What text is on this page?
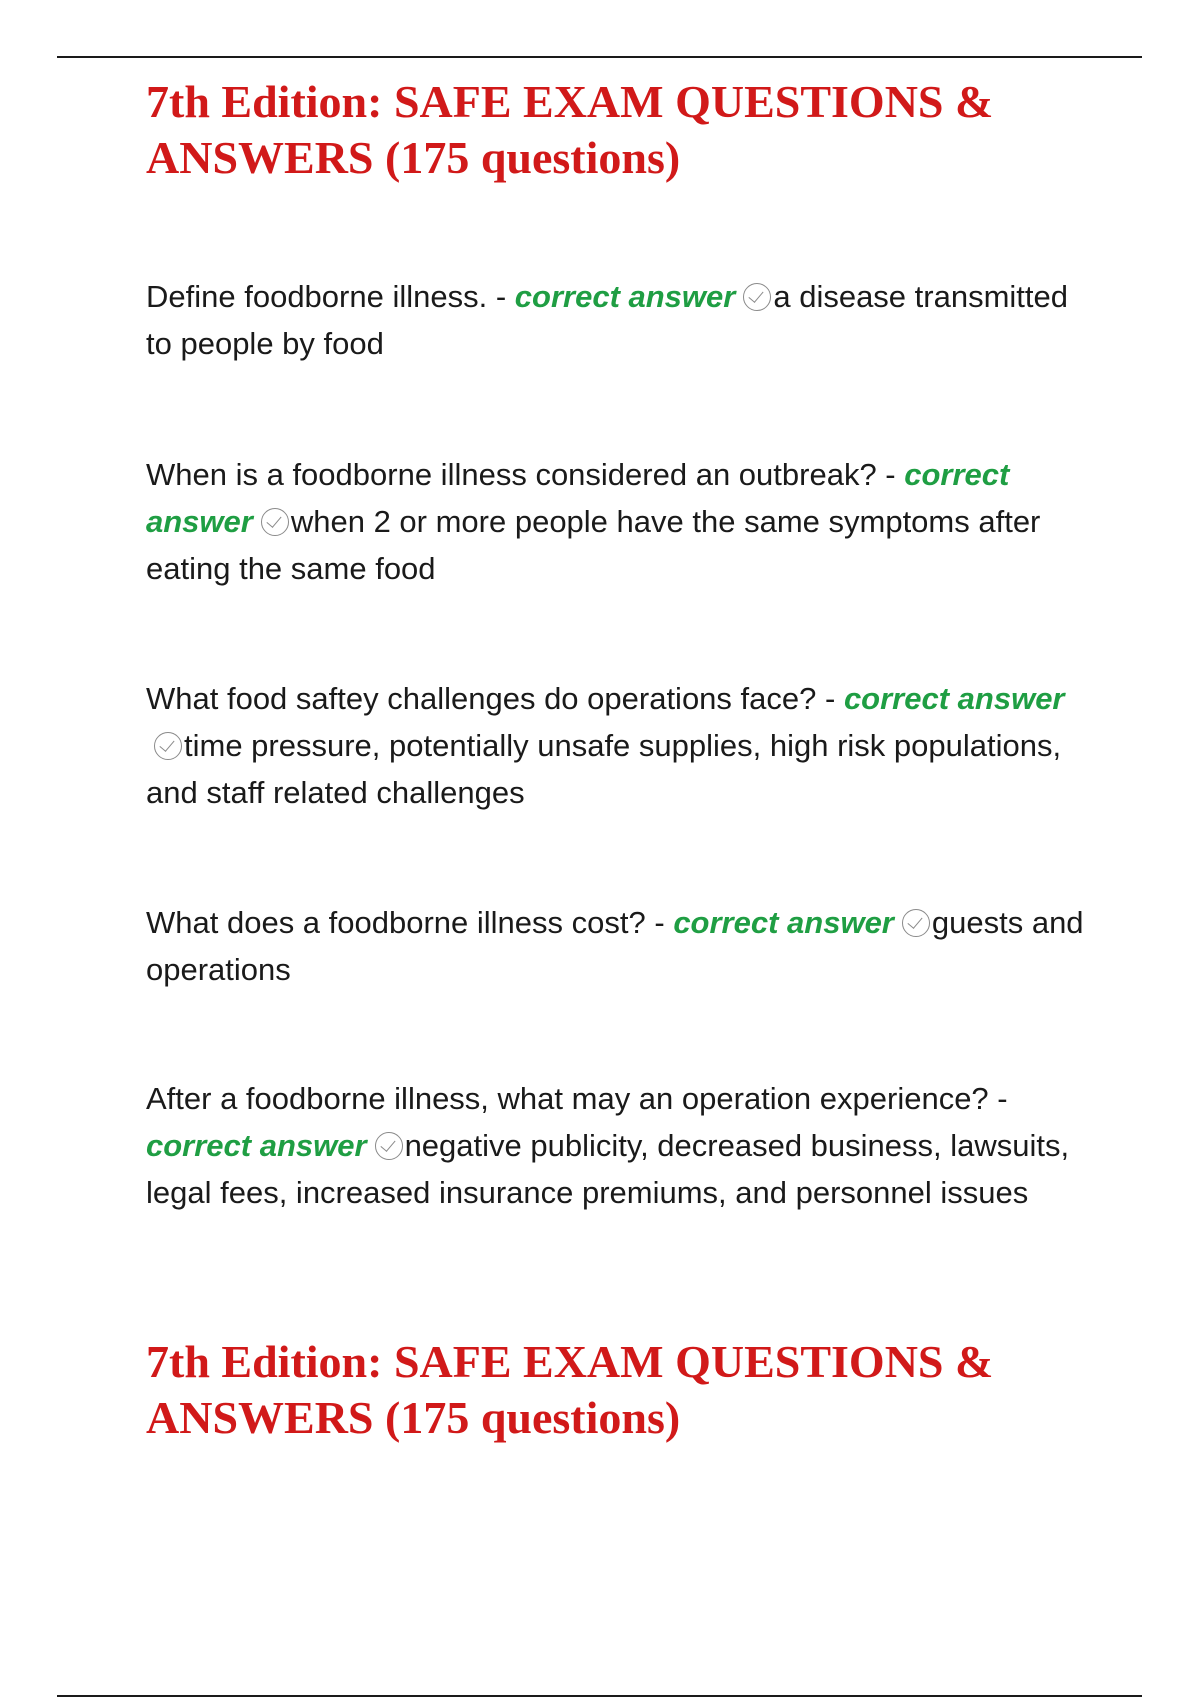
7th Edition: SAFE EXAM QUESTIONS & ANSWERS (175 questions)

Define foodborne illness. - correct answer a disease transmitted to people by food

When is a foodborne illness considered an outbreak? - correct answer when 2 or more people have the same symptoms after eating the same food

What food saftey challenges do operations face? - correct answertime pressure, potentially unsafe supplies, high risk populations, and staff related challenges

What does a foodborne illness cost? - correct answer guests and operations

After a foodborne illness, what may an operation experience? - correct answer negative publicity, decreased business, lawsuits, legal fees, increased insurance premiums, and personnel issues

7th Edition: SAFE EXAM QUESTIONS & ANSWERS (175 questions)
